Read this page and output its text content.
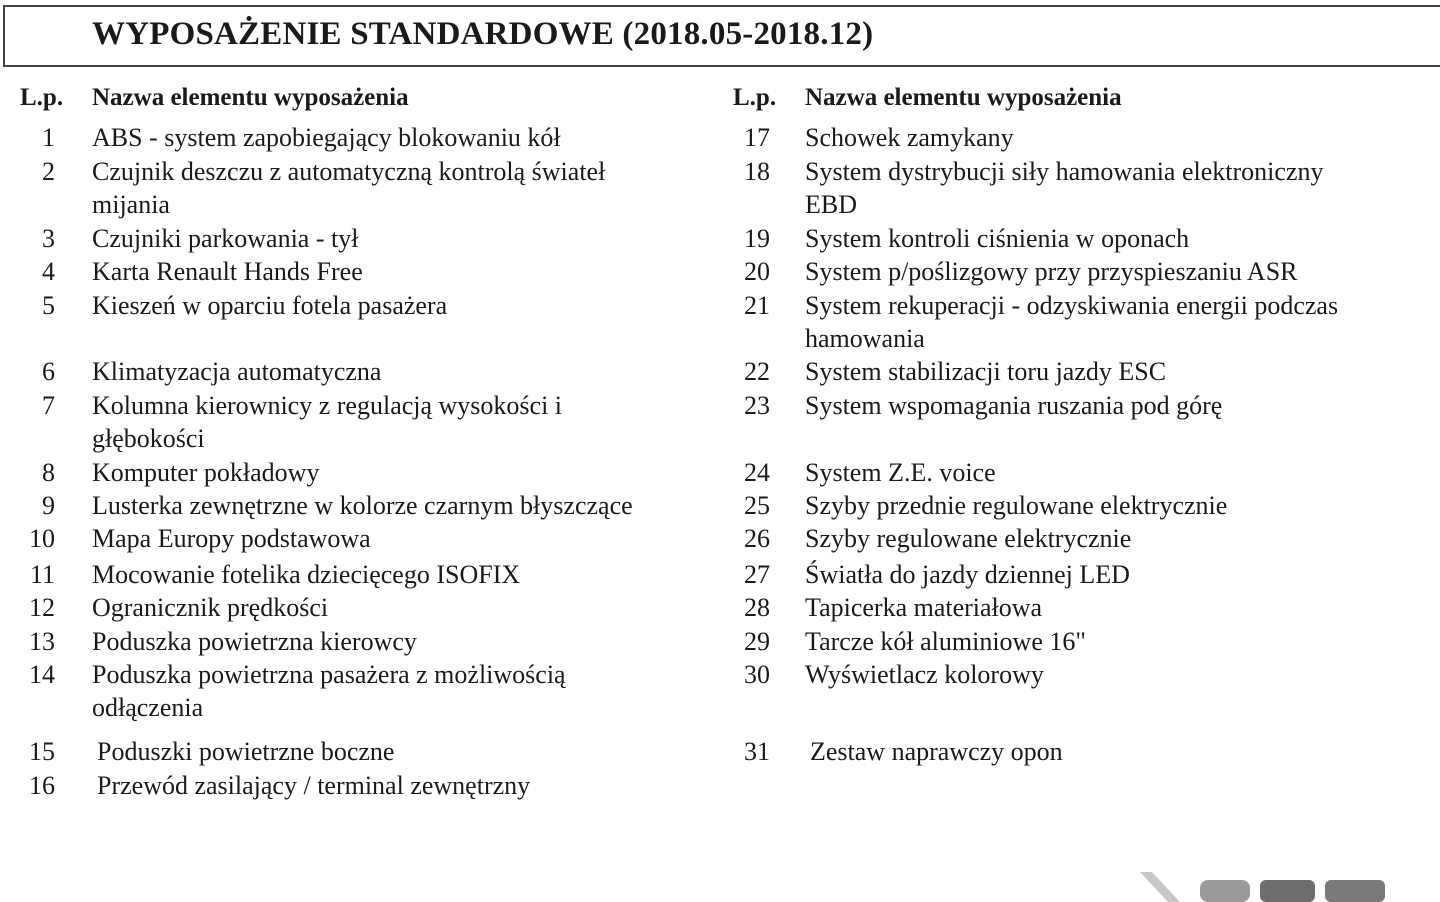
WYPOSAŻENIE STANDARDOWE (2018.05-2018.12)
L.p. Nazwa elementu wyposażenia	L.p. Nazwa elementu wyposażenia
1 ABS - system zapobiegający blokowaniu kół
2 Czujnik deszczu z automatyczną kontrolą świateł
mijania
3 Czujniki parkowania - tył
4 Karta Renault Hands Free
5 Kieszeń w oparciu fotela pasażera
6 Klimatyzacja automatyczna
7 Kolumna kierownicy z regulacją wysokości i
głębokości
8 Komputer pokładowy
9 Lusterka zewnętrzne w kolorze czarnym błyszczące
10 Mapa Europy podstawowa
11 Mocowanie fotelika dziecięcego ISOFIX
12 Ogranicznik prędkości
13 Poduszka powietrzna kierowcy
14 Poduszka powietrzna pasażera z możliwością
odłączenia
15 Poduszki powietrzne boczne
16 Przewód zasilający / terminal zewnętrzny
17 Schowek zamykany
18 System dystrybucji siły hamowania elektroniczny
EBD
19 System kontroli ciśnienia w oponach
20 System p/poślizgowy przy przyspieszaniu ASR
21 System rekuperacji - odzyskiwania energii podczas
hamowania
22 System stabilizacji toru jazdy ESC
23 System wspomagania ruszania pod górę
24 System Z.E. voice
25 Szyby przednie regulowane elektrycznie
26 Szyby regulowane elektrycznie
27 Światła do jazdy dziennej LED
28 Tapicerka materiałowa
29 Tarcze kół aluminiowe 16"
30 Wyświetlacz kolorowy
31 Zestaw naprawczy opon
